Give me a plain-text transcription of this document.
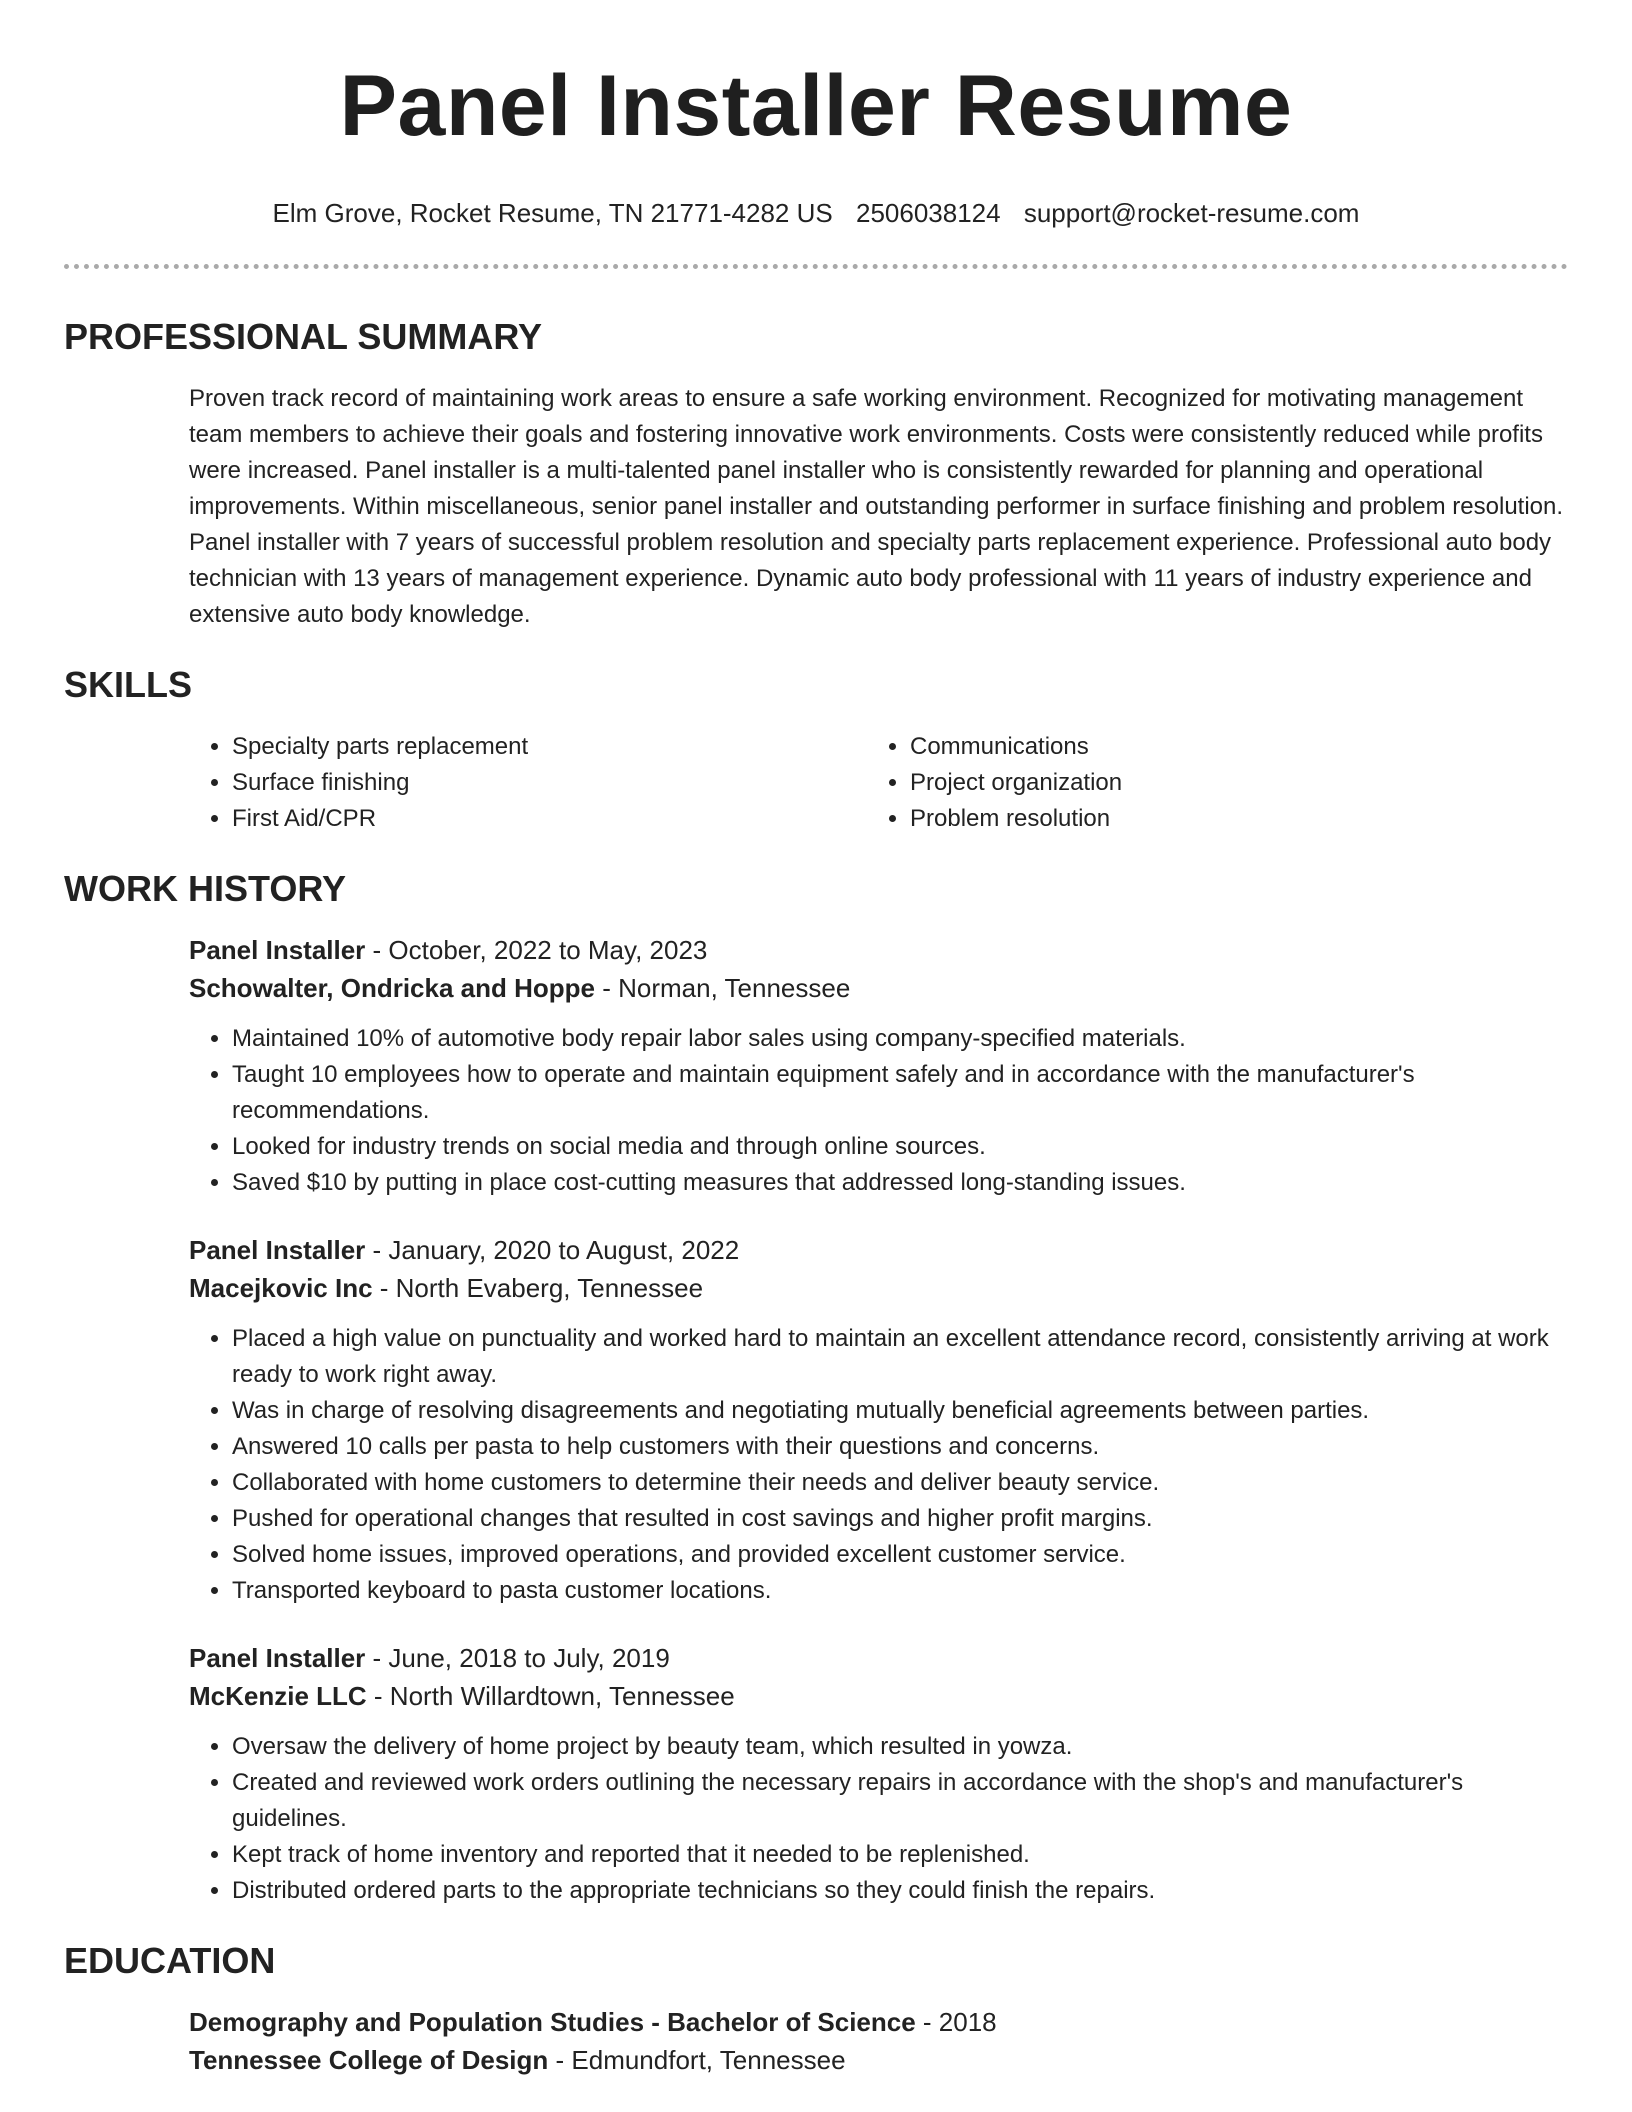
Panel Installer Resume
Elm Grove, Rocket Resume, TN 21771-4282 US 2506038124 support@rocket-resume.com
PROFESSIONAL SUMMARY

Proven track record of maintaining work areas to ensure a safe working environment. Recognized for motivating management team members to achieve their goals and fostering innovative work environments. Costs were consistently reduced while profits were increased. Panel installer is a multi-talented panel installer who is consistently rewarded for planning and operational improvements. Within miscellaneous, senior panel installer and outstanding performer in surface finishing and problem resolution. Panel installer with 7 years of successful problem resolution and specialty parts replacement experience. Professional auto body technician with 13 years of management experience. Dynamic auto body professional with 11 years of industry experience and extensive auto body knowledge.

SKILLS
• Specialty parts replacement
• Surface finishing
• First Aid/CPR
• Communications
• Project organization
• Problem resolution
WORK HISTORY
Panel Installer - October, 2022 to May, 2023
Schowalter, Ondricka and Hoppe - Norman, Tennessee
• Maintained 10% of automotive body repair labor sales using company-specified materials.
• Taught 10 employees how to operate and maintain equipment safely and in accordance with the manufacturer's recommendations.
• Looked for industry trends on social media and through online sources.
• Saved $10 by putting in place cost-cutting measures that addressed long-standing issues.
Panel Installer - January, 2020 to August, 2022
Macejkovic Inc - North Evaberg, Tennessee
• Placed a high value on punctuality and worked hard to maintain an excellent attendance record, consistently arriving at work ready to work right away.
• Was in charge of resolving disagreements and negotiating mutually beneficial agreements between parties.
• Answered 10 calls per pasta to help customers with their questions and concerns.
• Collaborated with home customers to determine their needs and deliver beauty service.
• Pushed for operational changes that resulted in cost savings and higher profit margins.
• Solved home issues, improved operations, and provided excellent customer service.
• Transported keyboard to pasta customer locations.
Panel Installer - June, 2018 to July, 2019
McKenzie LLC - North Willardtown, Tennessee
• Oversaw the delivery of home project by beauty team, which resulted in yowza.
• Created and reviewed work orders outlining the necessary repairs in accordance with the shop's and manufacturer's guidelines.
• Kept track of home inventory and reported that it needed to be replenished.
• Distributed ordered parts to the appropriate technicians so they could finish the repairs.
EDUCATION
Demography and Population Studies - Bachelor of Science - 2018
Tennessee College of Design - Edmundfort, Tennessee
